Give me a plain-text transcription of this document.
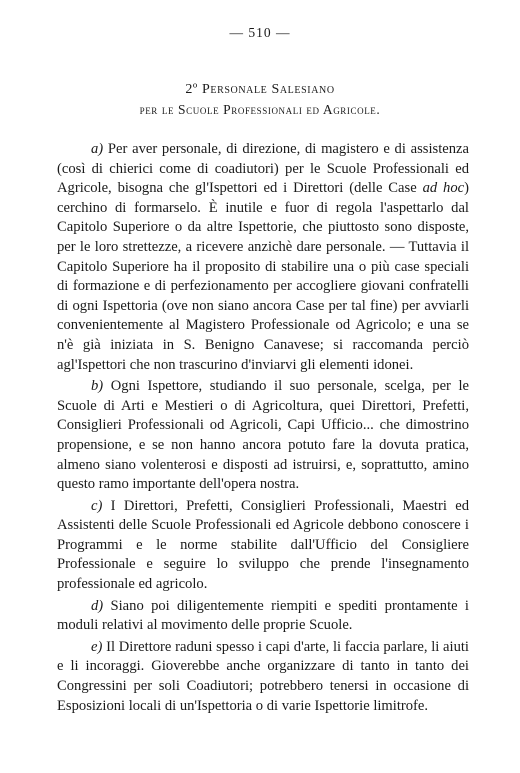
— 510 —
2º Personale Salesiano
per le Scuole Professionali ed Agricole.

a) Per aver personale, di direzione, di magistero e di assistenza (così di chierici come di coadiutori) per le Scuole Professionali ed Agricole, bisogna che gl'Ispettori ed i Direttori (delle Case ad hoc) cerchino di formarselo. È inutile e fuor di regola l'aspettarlo dal Capitolo Superiore o da altre Ispettorie, che piuttosto sono disposte, per le loro strettezze, a ricevere anzichè dare personale. — Tuttavia il Capitolo Superiore ha il proposito di stabilire una o più case speciali di formazione e di perfezionamento per accogliere giovani confratelli di ogni Ispettoria (ove non siano ancora Case per tal fine) per avviarli convenientemente al Magistero Professionale od Agricolo; e una se n'è già iniziata in S. Benigno Canavese; si raccomanda perciò agl'Ispettori che non trascurino d'inviarvi gli elementi idonei.

b) Ogni Ispettore, studiando il suo personale, scelga, per le Scuole di Arti e Mestieri o di Agricoltura, quei Direttori, Prefetti, Consiglieri Professionali od Agricoli, Capi Ufficio... che dimostrino propensione, e se non hanno ancora potuto fare la dovuta pratica, almeno siano volenterosi e disposti ad istruirsi, e, soprattutto, amino questo ramo importante dell'opera nostra.

c) I Direttori, Prefetti, Consiglieri Professionali, Maestri ed Assistenti delle Scuole Professionali ed Agricole debbono conoscere i Programmi e le norme stabilite dall'Ufficio del Consigliere Professionale e seguire lo sviluppo che prende l'insegnamento professionale ed agricolo.

d) Siano poi diligentemente riempiti e spediti prontamente i moduli relativi al movimento delle proprie Scuole.

e) Il Direttore raduni spesso i capi d'arte, li faccia parlare, li aiuti e li incoraggi. Gioverebbe anche organizzare di tanto in tanto dei Congressini per soli Coadiutori; potrebbero tenersi in occasione di Esposizioni locali di un'Ispettoria o di varie Ispettorie limitrofe.
